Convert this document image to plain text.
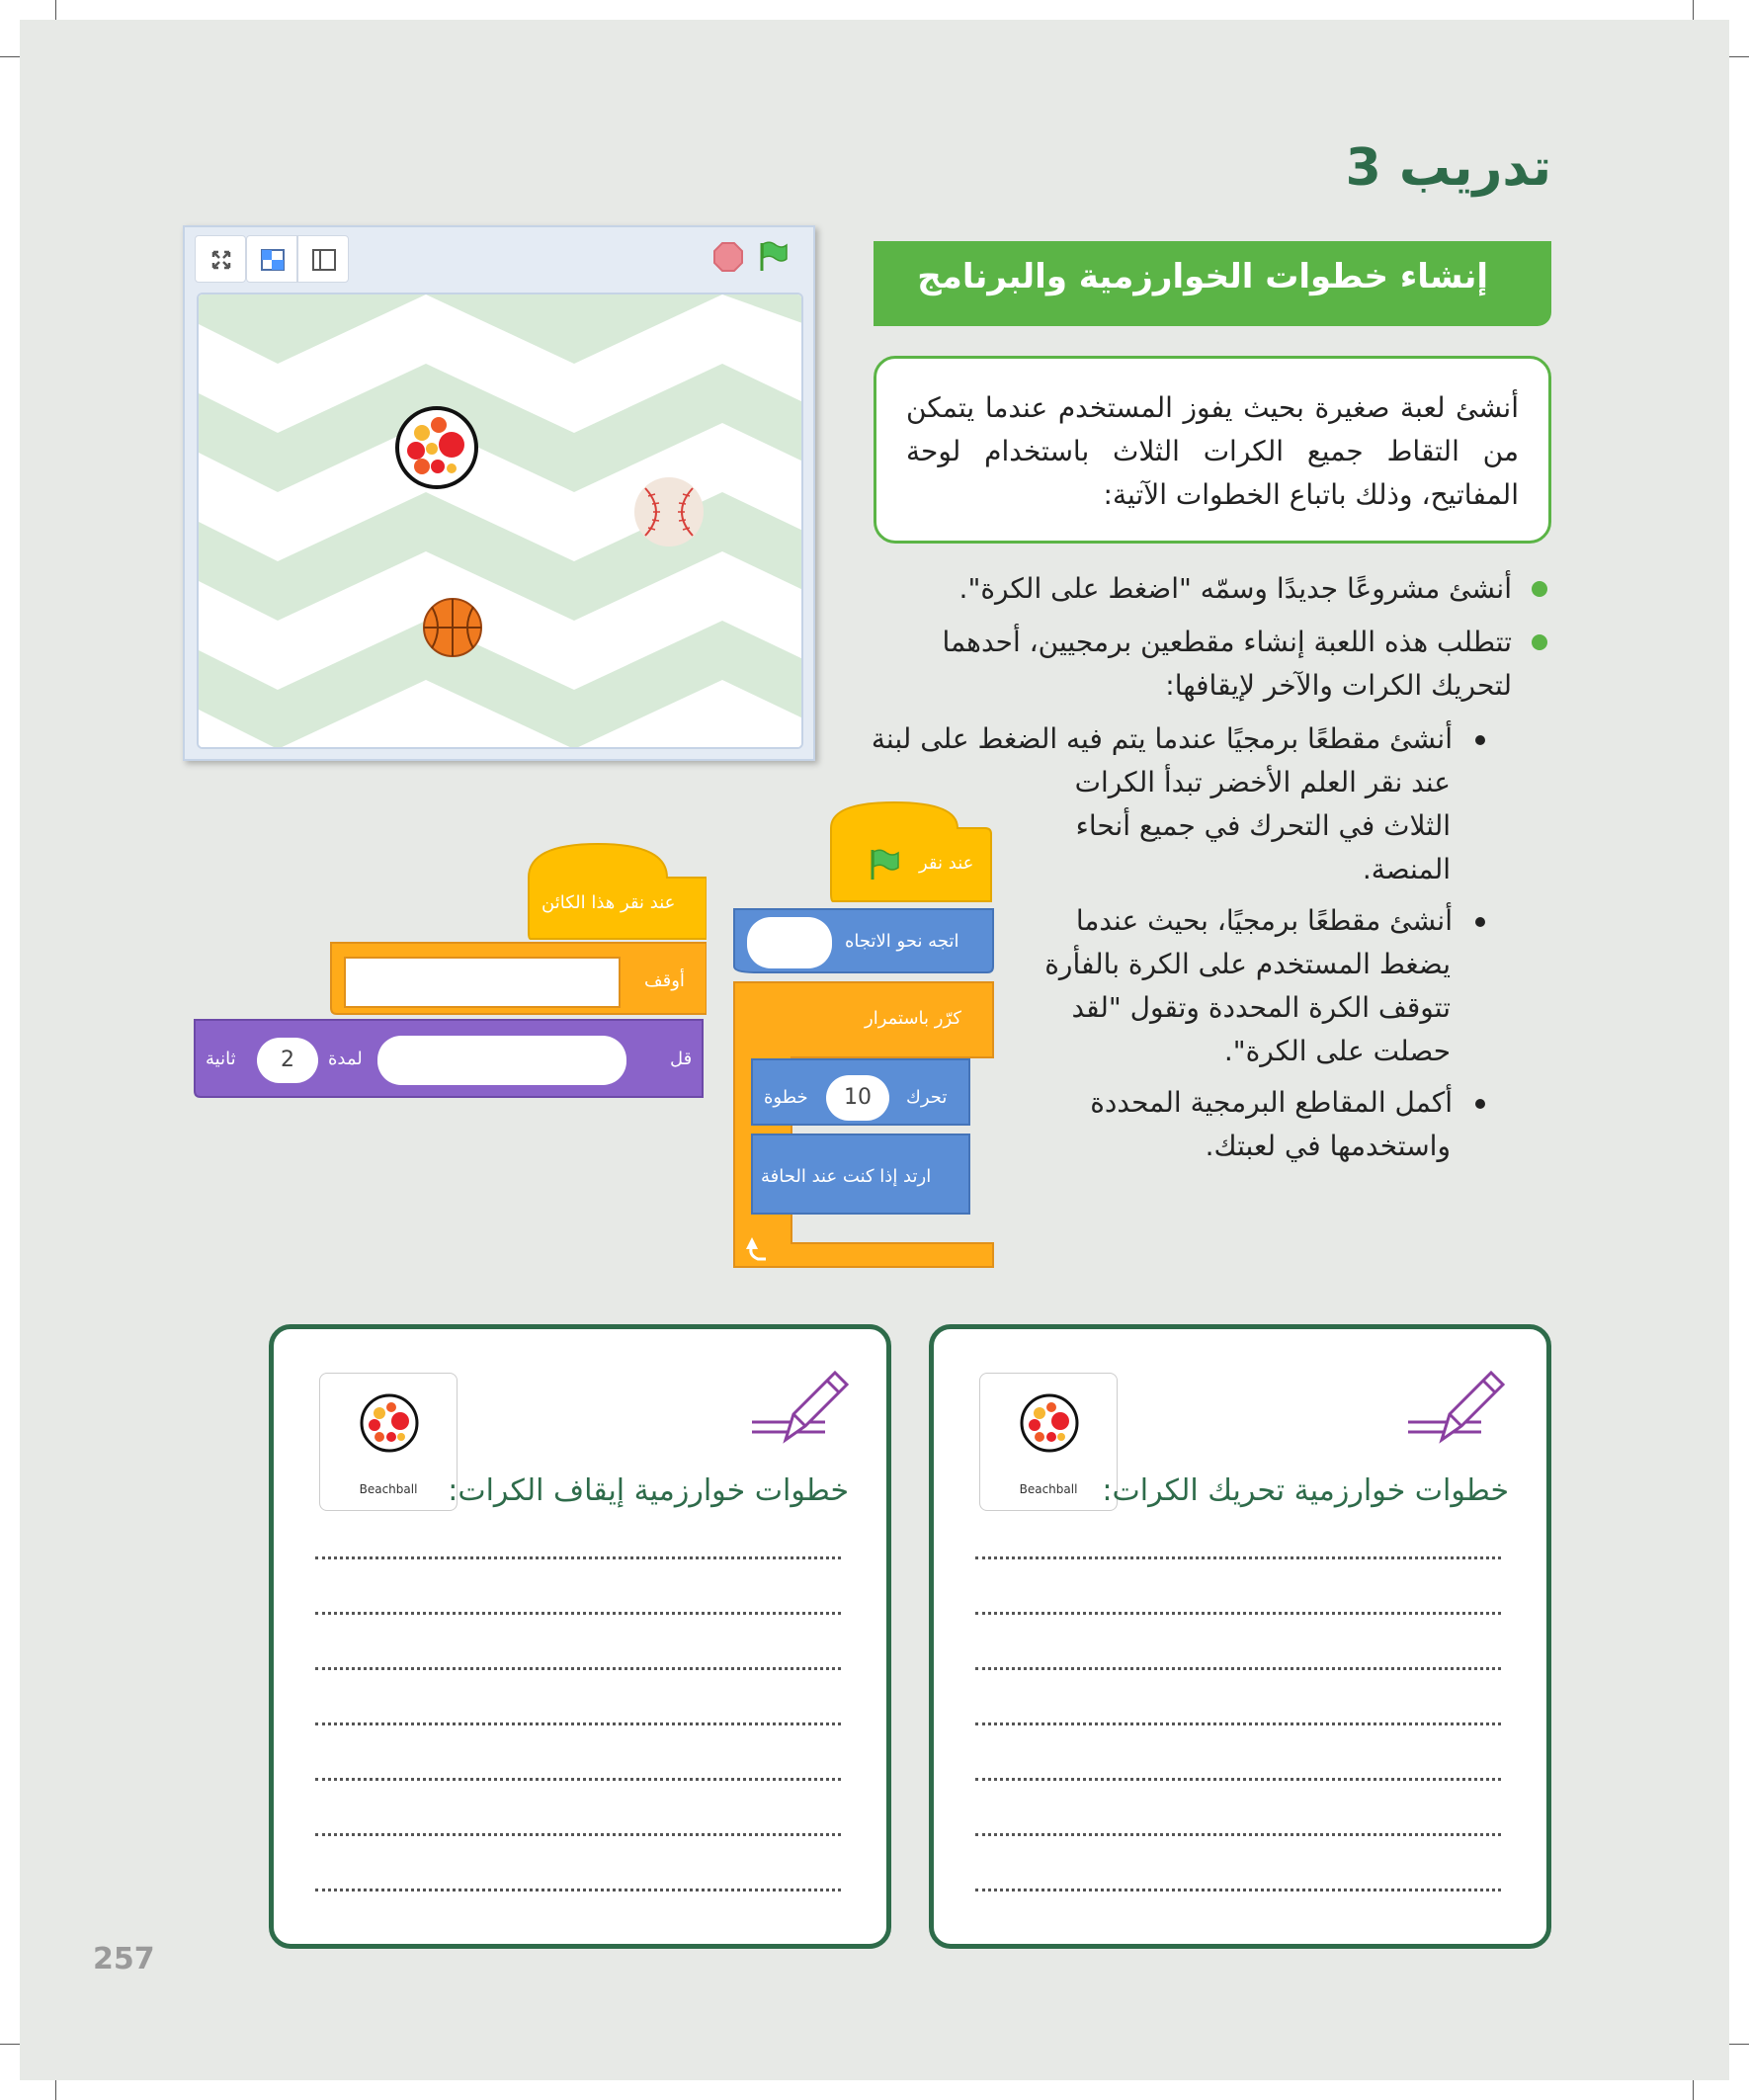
تدريب 3
إنشاء خطوات الخوارزمية والبرنامج

أنشئ لعبة صغيرة بحيث يفوز المستخدم عندما يتمكن من التقاط جميع الكرات الثلاث باستخدام لوحة المفاتيح، وذلك باتباع الخطوات الآتية:

أنشئ مشروعًا جديدًا وسمّه "اضغط على الكرة".
تتطلب هذه اللعبة إنشاء مقطعين برمجيين، أحدهما
لتحريك الكرات والآخر لإيقافها:
أنشئ مقطعًا برمجيًا عندما يتم فيه الضغط على لبنة
عند نقر العلم الأخضر تبدأ الكرات
الثلاث في التحرك في جميع أنحاء
المنصة.
أنشئ مقطعًا برمجيًا، بحيث عندما
يضغط المستخدم على الكرة بالفأرة
تتوقف الكرة المحددة وتقول "لقد
حصلت على الكرة".
أكمل المقاطع البرمجية المحددة
واستخدمها في لعبتك.
عند نقر
اتجه نحو الاتجاه
كرّر باستمرار
تحرك
10
خطوة
ارتد إذا كنت عند الحافة
عند نقر هذا الكائن
أوقف
قل
لمدة
2
ثانية
Beachball خطوات خوارزمية تحريك الكرات:
Beachball	خطوات خوارزمية إيقاف الكرات:
257
